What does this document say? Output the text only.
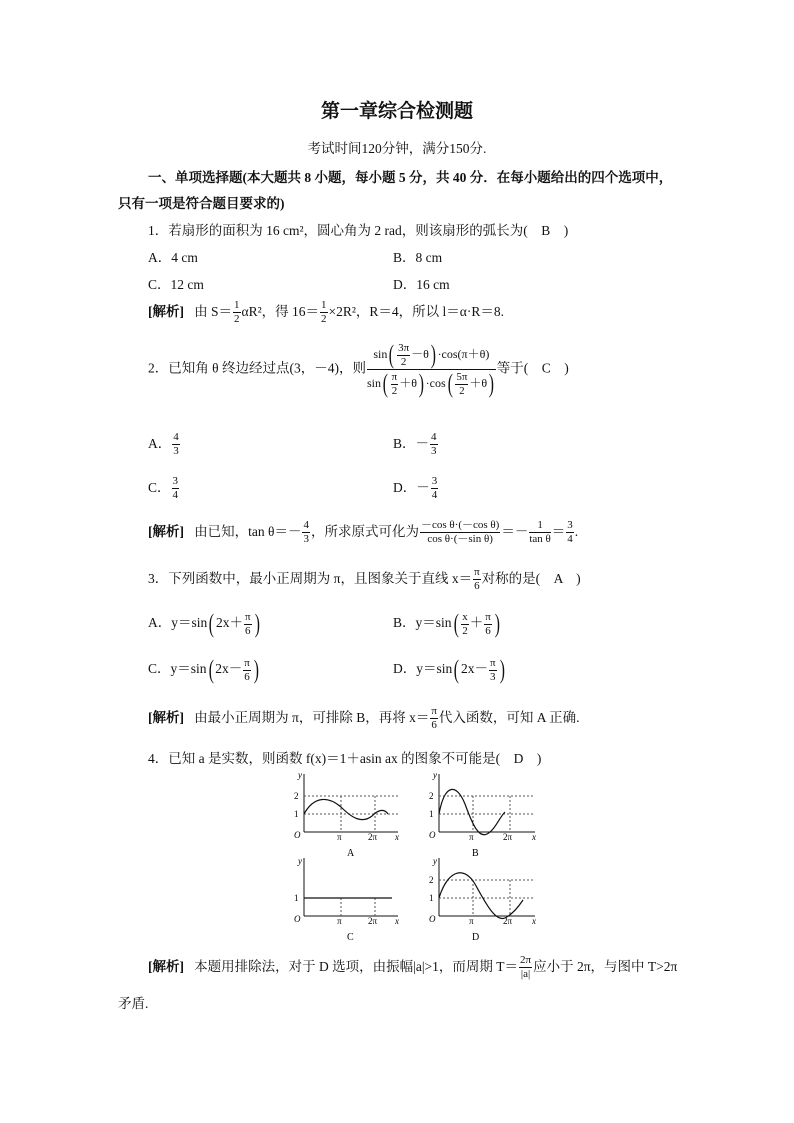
第一章综合检测题
考试时间120分钟，满分150分.
一、单项选择题(本大题共 8 小题，每小题 5 分，共 40 分．在每小题给出的四个选项中，
只有一项是符合题目要求的)
1．若扇形的面积为 16 cm²，圆心角为 2 rad，则该扇形的弧长为(　B　)
A．4 cm	B．8 cm
C．12 cm	D．16 cm
[解析] 由 $S= \frac{1}{2} \alpha R^2$，得 $16= \frac{1}{2} \times 2R^2$，R＝4，所以 l＝α·R＝8.
2．已知角 θ 终边经过点(3，－4)，则 $\frac{\sin( \frac{3\pi}{2} -\theta) \cdot\cos(\pi+\theta)}{\sin( \frac{\pi}{2} +\theta) \cdot\cos( \frac{5\pi}{2} +\theta)}$ 等于(　C　)
A． $\frac{4}{3}$	B．－ $\frac{4}{3}$
C． $\frac{3}{4}$	D．－ $\frac{3}{4}$
[解析] 由已知，$\tan \theta=- \frac{4}{3}$ ，所求原式可化为 $\frac{\text{－cos θ·(－cos θ)}}{\text{cos θ·(－sin θ)}} =- \frac{1}{\text{tan θ}} = \frac{3}{4}$ .
3．下列函数中，最小正周期为 π，且图象关于直线 $x= \frac{\pi}{6}$ 对称的是(　A　)
A．y＝sin( $2x+ \frac{\pi}{6}$ )	B．$y=\sin( \frac{x}{2} + \frac{\pi}{6}$ )
C．y＝sin( $2x- \frac{\pi}{6}$ )	D．y＝sin( $2x- \frac{\pi}{3}$ )
[解析] 由最小正周期为 π，可排除 B，再将 $x= \frac{\pi}{6}$ 代入函数，可知 A 正确.
4．已知 a 是实数，则函数 f(x)＝1＋asin ax 的图象不可能是(　D　)
y
2
1
O	π	2π x
A
y
2
1
O	π	2π x
B
y
1
O	π	2π x
C
y
2
1
O	π	2π x
D
[解析] 本题用排除法，对于 D 选项，由振幅|a|>1，而周期 $T= \frac{2\pi}{|a|}$ 应小于 2π，与图中 T>2π
矛盾.
